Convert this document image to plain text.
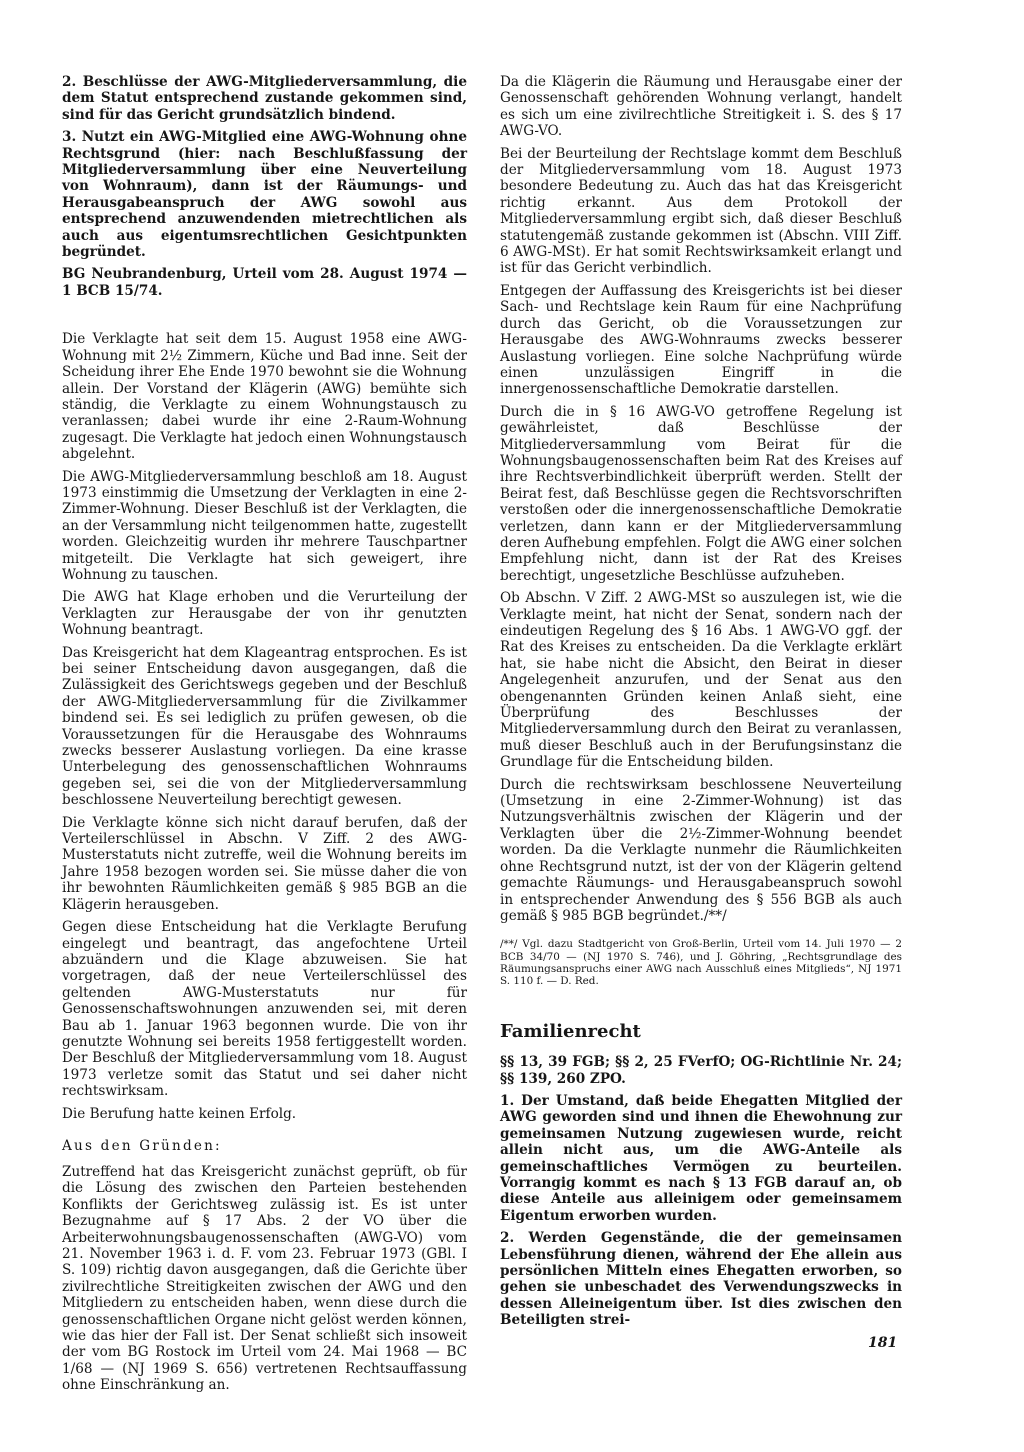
2. Beschlüsse der AWG-Mitgliederversammlung, die dem Statut entsprechend zustande gekommen sind, sind für das Gericht grundsätzlich bindend.

3. Nutzt ein AWG-Mitglied eine AWG-Wohnung ohne Rechtsgrund (hier: nach Beschlußfassung der Mitgliederversammlung über eine Neuverteilung von Wohnraum), dann ist der Räumungs- und Herausgabeanspruch der AWG sowohl aus entsprechend anzuwendenden mietrechtlichen als auch aus eigentumsrechtlichen Gesichtpunkten begründet.

BG Neubrandenburg, Urteil vom 28. August 1974 — 1 BCB 15/74.

Die Verklagte hat seit dem 15. August 1958 eine AWG-Wohnung mit 2½ Zimmern, Küche und Bad inne. Seit der Scheidung ihrer Ehe Ende 1970 bewohnt sie die Wohnung allein. Der Vorstand der Klägerin (AWG) bemühte sich ständig, die Verklagte zu einem Wohnungstausch zu veranlassen; dabei wurde ihr eine 2-Raum-Wohnung zugesagt. Die Verklagte hat jedoch einen Wohnungstausch abgelehnt.

Die AWG-Mitgliederversammlung beschloß am 18. August 1973 einstimmig die Umsetzung der Verklagten in eine 2-Zimmer-Wohnung. Dieser Beschluß ist der Verklagten, die an der Versammlung nicht teilgenommen hatte, zugestellt worden. Gleichzeitig wurden ihr mehrere Tauschpartner mitgeteilt. Die Verklagte hat sich geweigert, ihre Wohnung zu tauschen.

Die AWG hat Klage erhoben und die Verurteilung der Verklagten zur Herausgabe der von ihr genutzten Wohnung beantragt.

Das Kreisgericht hat dem Klageantrag entsprochen. Es ist bei seiner Entscheidung davon ausgegangen, daß die Zulässigkeit des Gerichtswegs gegeben und der Beschluß der AWG-Mitgliederversammlung für die Zivilkammer bindend sei. Es sei lediglich zu prüfen gewesen, ob die Voraussetzungen für die Herausgabe des Wohnraums zwecks besserer Auslastung vorliegen. Da eine krasse Unterbelegung des genossenschaftlichen Wohnraums gegeben sei, sei die von der Mitgliederversammlung beschlossene Neuverteilung berechtigt gewesen.

Die Verklagte könne sich nicht darauf berufen, daß der Verteilerschlüssel in Abschn. V Ziff. 2 des AWG-Musterstatuts nicht zutreffe, weil die Wohnung bereits im Jahre 1958 bezogen worden sei. Sie müsse daher die von ihr bewohnten Räumlichkeiten gemäß § 985 BGB an die Klägerin herausgeben.

Gegen diese Entscheidung hat die Verklagte Berufung eingelegt und beantragt, das angefochtene Urteil abzuändern und die Klage abzuweisen. Sie hat vorgetragen, daß der neue Verteilerschlüssel des geltenden AWG-Musterstatuts nur für Genossenschaftswohnungen anzuwenden sei, mit deren Bau ab 1. Januar 1963 begonnen wurde. Die von ihr genutzte Wohnung sei bereits 1958 fertiggestellt worden. Der Beschluß der Mitgliederversammlung vom 18. August 1973 verletze somit das Statut und sei daher nicht rechtswirksam.

Die Berufung hatte keinen Erfolg.

Aus den Gründen:

Zutreffend hat das Kreisgericht zunächst geprüft, ob für die Lösung des zwischen den Parteien bestehenden Konflikts der Gerichtsweg zulässig ist. Es ist unter Bezugnahme auf § 17 Abs. 2 der VO über die Arbeiterwohnungsbaugenossenschaften (AWG-VO) vom 21. November 1963 i. d. F. vom 23. Februar 1973 (GBl. I S. 109) richtig davon ausgegangen, daß die Gerichte über zivilrechtliche Streitigkeiten zwischen der AWG und den Mitgliedern zu entscheiden haben, wenn diese durch die genossenschaftlichen Organe nicht gelöst werden können, wie das hier der Fall ist. Der Senat schließt sich insoweit der vom BG Rostock im Urteil vom 24. Mai 1968 — BC 1/68 — (NJ 1969 S. 656) vertretenen Rechtsauffassung ohne Einschränkung an.

Da die Klägerin die Räumung und Herausgabe einer der Genossenschaft gehörenden Wohnung verlangt, handelt es sich um eine zivilrechtliche Streitigkeit i. S. des § 17 AWG-VO.

Bei der Beurteilung der Rechtslage kommt dem Beschluß der Mitgliederversammlung vom 18. August 1973 besondere Bedeutung zu. Auch das hat das Kreisgericht richtig erkannt. Aus dem Protokoll der Mitgliederversammlung ergibt sich, daß dieser Beschluß statutengemäß zustande gekommen ist (Abschn. VIII Ziff. 6 AWG-MSt). Er hat somit Rechtswirksamkeit erlangt und ist für das Gericht verbindlich.

Entgegen der Auffassung des Kreisgerichts ist bei dieser Sach- und Rechtslage kein Raum für eine Nachprüfung durch das Gericht, ob die Voraussetzungen zur Herausgabe des AWG-Wohnraums zwecks besserer Auslastung vorliegen. Eine solche Nachprüfung würde einen unzulässigen Eingriff in die innergenossenschaftliche Demokratie darstellen.

Durch die in § 16 AWG-VO getroffene Regelung ist gewährleistet, daß Beschlüsse der Mitgliederversammlung vom Beirat für die Wohnungsbaugenossenschaften beim Rat des Kreises auf ihre Rechtsverbindlichkeit überprüft werden. Stellt der Beirat fest, daß Beschlüsse gegen die Rechtsvorschriften verstoßen oder die innergenossenschaftliche Demokratie verletzen, dann kann er der Mitgliederversammlung deren Aufhebung empfehlen. Folgt die AWG einer solchen Empfehlung nicht, dann ist der Rat des Kreises berechtigt, ungesetzliche Beschlüsse aufzuheben.

Ob Abschn. V Ziff. 2 AWG-MSt so auszulegen ist, wie die Verklagte meint, hat nicht der Senat, sondern nach der eindeutigen Regelung des § 16 Abs. 1 AWG-VO ggf. der Rat des Kreises zu entscheiden. Da die Verklagte erklärt hat, sie habe nicht die Absicht, den Beirat in dieser Angelegenheit anzurufen, und der Senat aus den obengenannten Gründen keinen Anlaß sieht, eine Überprüfung des Beschlusses der Mitgliederversammlung durch den Beirat zu veranlassen, muß dieser Beschluß auch in der Berufungsinstanz die Grundlage für die Entscheidung bilden.

Durch die rechtswirksam beschlossene Neuverteilung (Umsetzung in eine 2-Zimmer-Wohnung) ist das Nutzungsverhältnis zwischen der Klägerin und der Verklagten über die 2½-Zimmer-Wohnung beendet worden. Da die Verklagte nunmehr die Räumlichkeiten ohne Rechtsgrund nutzt, ist der von der Klägerin geltend gemachte Räumungs- und Herausgabeanspruch sowohl in entsprechender Anwendung des § 556 BGB als auch gemäß § 985 BGB begründet./**/

/**/ Vgl. dazu Stadtgericht von Groß-Berlin, Urteil vom 14. Juli 1970 — 2 BCB 34/70 — (NJ 1970 S. 746), und J. Göhring, „Rechtsgrundlage des Räumungsanspruchs einer AWG nach Ausschluß eines Mitglieds“, NJ 1971 S. 110 f. — D. Red.
Familienrecht

§§ 13, 39 FGB; §§ 2, 25 FVerfO; OG-Richtlinie Nr. 24; §§ 139, 260 ZPO.

1. Der Umstand, daß beide Ehegatten Mitglied der AWG geworden sind und ihnen die Ehewohnung zur gemeinsamen Nutzung zugewiesen wurde, reicht allein nicht aus, um die AWG-Anteile als gemeinschaftliches Vermögen zu beurteilen. Vorrangig kommt es nach § 13 FGB darauf an, ob diese Anteile aus alleinigem oder gemeinsamem Eigentum erworben wurden.

2. Werden Gegenstände, die der gemeinsamen Lebensführung dienen, während der Ehe allein aus persönlichen Mitteln eines Ehegatten erworben, so gehen sie unbeschadet des Verwendungszwecks in dessen Alleineigentum über. Ist dies zwischen den Beteiligten strei-

181
